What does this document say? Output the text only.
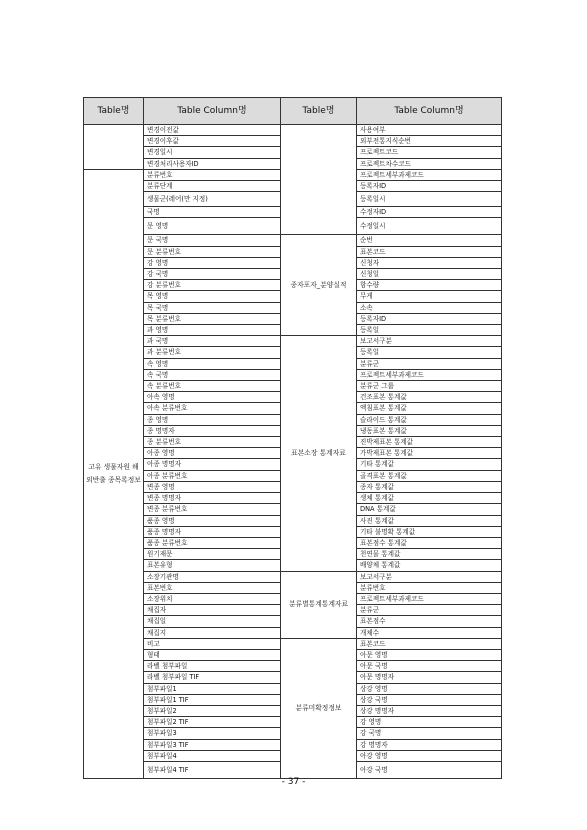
Table명	Table Column명	Table명	Table Column명
	변경이전값		사용여부
	변경이후값		외부전통지식순번
	변경일시		프로젝트코드
	변경처리사용자ID		프로젝트차수코드
고유 생물자원 해외반출 종목록정보	분류번호		프로젝트세부과제코드
	분류단계		등록자ID
	생물군(레어(만 지정)		등록일시
	국명		수정자ID
	문 영명		수정일시
	문 국명	종자포자_분양실적	순번
	문 분류번호		표본코드
	강 영명		신청자
	강 국명		신청일
	강 분류번호		함수량
	목 영명		무게
	목 국명		소속
	목 분류번호		등록자ID
	과 영명		등록일
	과 국명	표본소장 통계자료	보고서구분
	과 분류번호		등록일
	속 영명		분류군
	속 국명		프로젝트세부과제코드
	속 분류번호		분류군 그룹
	아속 영명		건조표본 통계값
	아속 분류번호		액침표본 통계값
	종 영명		슬라이드 통계값
	종 명명자		냉동표본 통계값
	종 분류번호		진박제표본 통계값
	아종 영명		가박제표본 통계값
	아종 명명자		기타 통계값
	아종 분류번호		골격표본 통계값
	변종 영명		종자 통계값
	변종 명명자		생체 통계값
	변종 분류번호		DNA 통계값
	품종 영명		사진 통계값
	품종 명명자		기타 불명확 통계값
	품종 분류번호		표본점수 통계값
	원기재문		천연물 통계값
	표본유형		배양체 통계값
	소장기관명	분류별통계통계자료	보고서구분
	표본번호		분류번호
	소장위치		프로젝트세부과제코드
	채집자		분류군
	채집일		표본점수
	채집지		개체수
	비고	분류미확정정보	표본코드
	형태		아문 영명
	라벨 첨부파일		아문 국명
	라벨 첨부파일 TIF		아문 명명자
	첨부파일1		상강 영명
	첨부파일1 TIF		상강 국명
	첨부파일2		상강 명명자
	첨부파일2 TIF		강 영명
	첨부파일3		강 국명
	첨부파일3 TIF		강 명명자
	첨부파일4		아강 영명
	첨부파일4 TIF		아강 국명
- 37 -
